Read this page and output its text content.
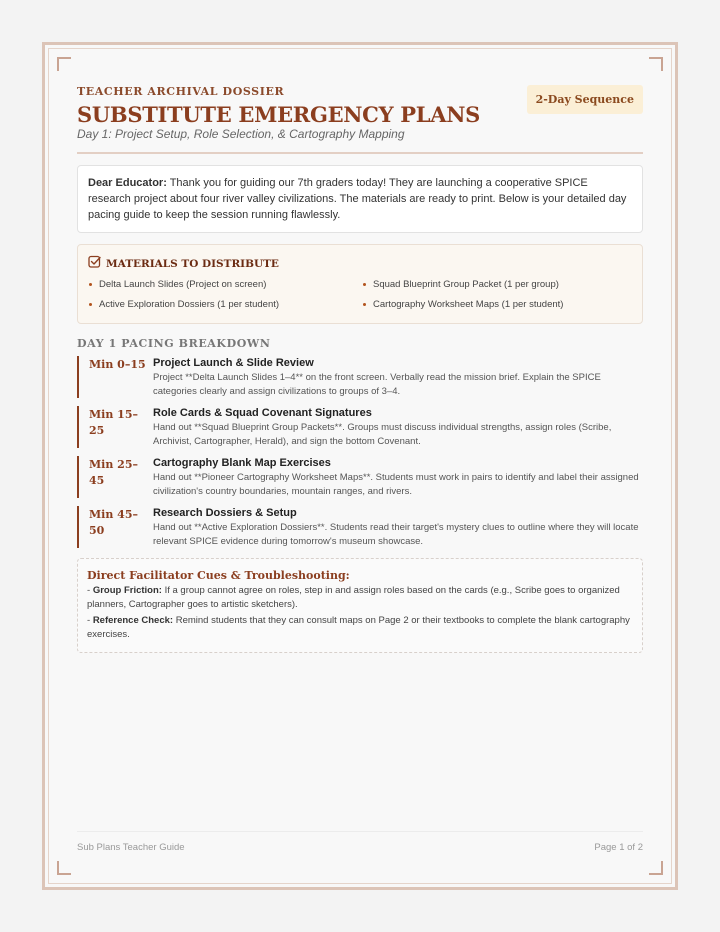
TEACHER ARCHIVAL DOSSIER
SUBSTITUTE EMERGENCY PLANS
Day 1: Project Setup, Role Selection, & Cartography Mapping
2-Day Sequence
Dear Educator: Thank you for guiding our 7th graders today! They are launching a cooperative SPICE research project about four river valley civilizations. The materials are ready to print. Below is your detailed day pacing guide to keep the session running flawlessly.
MATERIALS TO DISTRIBUTE
Delta Launch Slides (Project on screen)	Squad Blueprint Group Packet (1 per group)
Active Exploration Dossiers (1 per student)	Cartography Worksheet Maps (1 per student)
DAY 1 PACING BREAKDOWN
Min 0–15 Project Launch & Slide Review
Project **Delta Launch Slides 1–4** on the front screen. Verbally read the mission brief. Explain the SPICE categories clearly and assign civilizations to groups of 3–4.
Min 15–25
Role Cards & Squad Covenant Signatures
Hand out **Squad Blueprint Group Packets**. Groups must discuss individual strengths, assign roles (Scribe, Archivist, Cartographer, Herald), and sign the bottom Covenant.
Min 25–45
Cartography Blank Map Exercises
Hand out **Pioneer Cartography Worksheet Maps**. Students must work in pairs to identify and label their assigned civilization's country boundaries, mountain ranges, and rivers.
Min 45–50
Research Dossiers & Setup
Hand out **Active Exploration Dossiers**. Students read their target's mystery clues to outline where they will locate relevant SPICE evidence during tomorrow's museum showcase.
Direct Facilitator Cues & Troubleshooting:
- Group Friction: If a group cannot agree on roles, step in and assign roles based on the cards (e.g., Scribe goes to organized planners, Cartographer goes to artistic sketchers).
- Reference Check: Remind students that they can consult maps on Page 2 or their textbooks to complete the blank cartography exercises.
Sub Plans Teacher Guide	Page 1 of 2
